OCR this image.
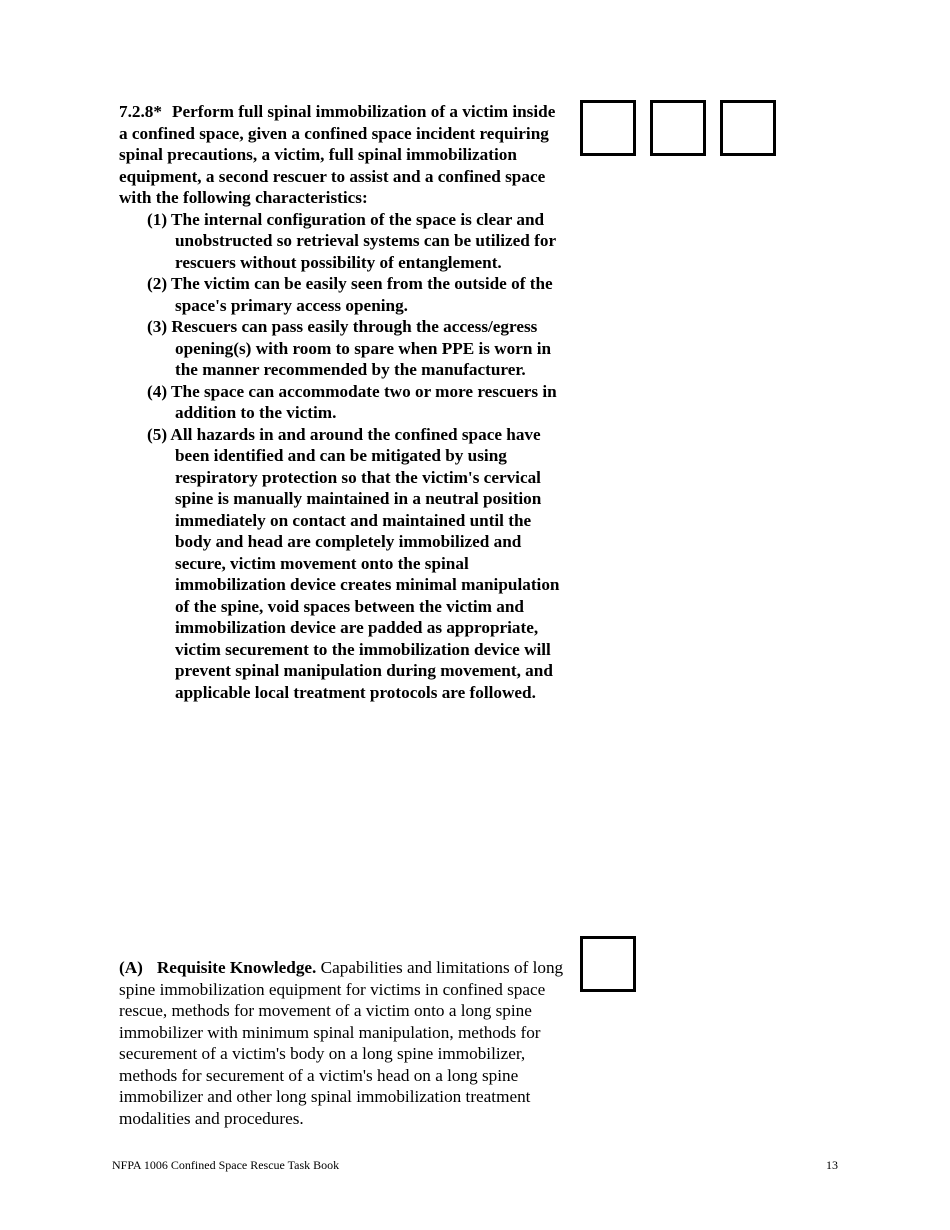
7.2.8* Perform full spinal immobilization of a victim inside a confined space, given a confined space incident requiring spinal precautions, a victim, full spinal immobilization equipment, a second rescuer to assist and a confined space with the following characteristics:
(1) The internal configuration of the space is clear and unobstructed so retrieval systems can be utilized for rescuers without possibility of entanglement.
(2) The victim can be easily seen from the outside of the space's primary access opening.
(3) Rescuers can pass easily through the access/egress opening(s) with room to spare when PPE is worn in the manner recommended by the manufacturer.
(4) The space can accommodate two or more rescuers in addition to the victim.
(5) All hazards in and around the confined space have been identified and can be mitigated by using respiratory protection so that the victim's cervical spine is manually maintained in a neutral position immediately on contact and maintained until the body and head are completely immobilized and secure, victim movement onto the spinal immobilization device creates minimal manipulation of the spine, void spaces between the victim and immobilization device are padded as appropriate, victim securement to the immobilization device will prevent spinal manipulation during movement, and applicable local treatment protocols are followed.
(A) Requisite Knowledge. Capabilities and limitations of long spine immobilization equipment for victims in confined space rescue, methods for movement of a victim onto a long spine immobilizer with minimum spinal manipulation, methods for securement of a victim's body on a long spine immobilizer, methods for securement of a victim's head on a long spine immobilizer and other long spinal immobilization treatment modalities and procedures.
NFPA 1006 Confined Space Rescue Task Book	13
